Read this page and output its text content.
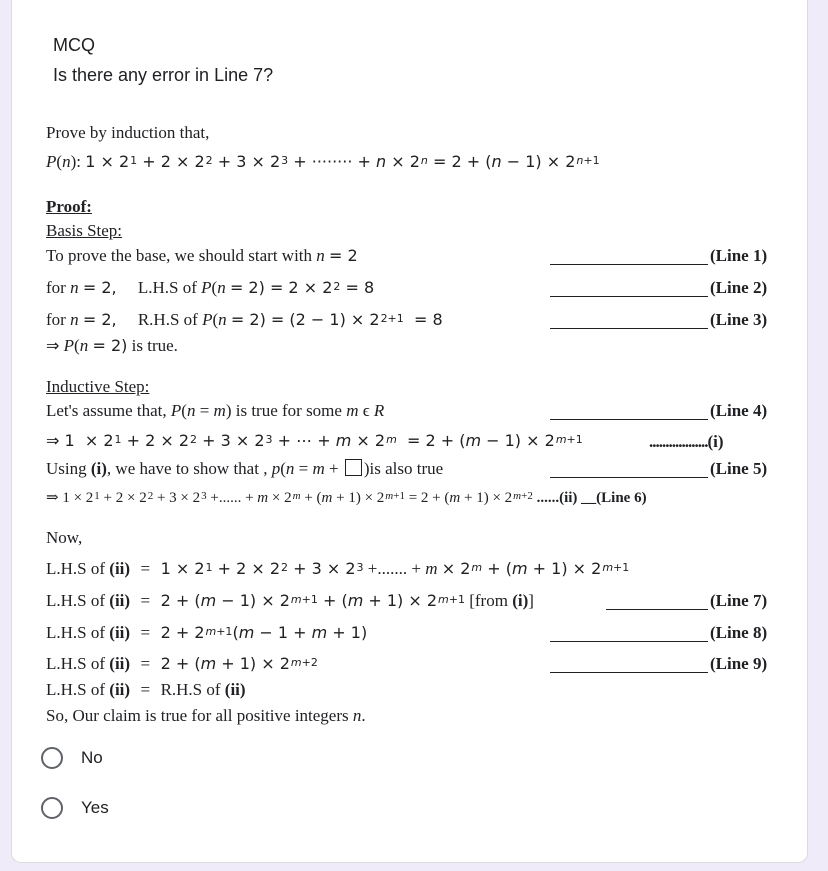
MCQ
Is there any error in Line 7?
Prove by induction that,
P(n): $1 \times 2^1 + 2 \times 2^2 + 3 \times 2^3$ + ········ + $n \times 2^n = 2 + (n - 1) \times 2^{n+1}$
Proof:
Basis Step:
To prove the base, we should start with n = 2	(Line 1)
for n = 2,     L.H.S of $P(n = 2) = 2 \times 2^2 = 8$	(Line 2)
for n = 2,     R.H.S of $P(n = 2) = (2 - 1) \times 2^{2+1} = 8$	(Line 3)
⇒ P(n = 2) is true.
Inductive Step:
Let's assume that, P(n = m) is true for some m ϵ R	(Line 4)
⇒ $1 \times 2^1 + 2 \times 2^2 + 3 \times 2^3$ + ⋯ + $m \times 2^m = 2 + (m - 1) \times 2^{m+1}$	..................(i)
Using (i), we have to show that , p(n = m + )is also true	(Line 5)
⇒ $1 \times 2^1 + 2 \times 2^2 + 3 \times 2^3$ +...... + $m \times 2^m + (m + 1) \times 2^{m+1} = 2 + (m + 1) \times 2^{m+2}$ ......(ii) __(Line 6)
Now,
L.H.S of $(ii) = 1 \times 2^1 + 2 \times 2^2 + 3 \times 2^3$ +....... + $m \times 2^m + (m + 1) \times 2^{m+1}$
L.H.S of $(ii) = 2 + (m - 1) \times 2^{m+1} + (m + 1) \times 2^{m+1}$ [from (i)]	(Line 7)
L.H.S of $(ii) = 2 + 2^{m+1}(m - 1 + m + 1)$	(Line 8)
L.H.S of $(ii) = 2 + (m + 1) \times 2^{m+2}$	(Line 9)
L.H.S of (ii) = R.H.S of (ii)
So, Our claim is true for all positive integers n.
No
Yes
